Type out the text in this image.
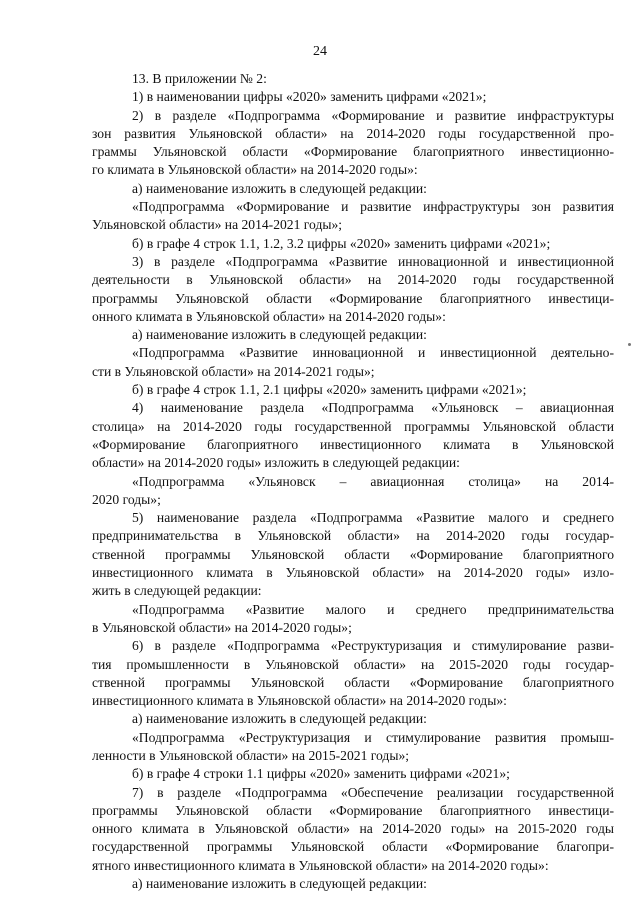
24
13. В приложении № 2:
1) в наименовании цифры «2020» заменить цифрами «2021»;
2) в разделе «Подпрограмма «Формирование и развитие инфраструктуры
зон развития Ульяновской области» на 2014-2020 годы государственной про-
граммы Ульяновской области «Формирование благоприятного инвестиционно-
го климата в Ульяновской области» на 2014-2020 годы»:
а) наименование изложить в следующей редакции:
«Подпрограмма «Формирование и развитие инфраструктуры зон развития
Ульяновской области» на 2014-2021 годы»;
б) в графе 4 строк 1.1, 1.2, 3.2 цифры «2020» заменить цифрами «2021»;
3) в разделе «Подпрограмма «Развитие инновационной и инвестиционной
деятельности в Ульяновской области» на 2014-2020 годы государственной
программы Ульяновской области «Формирование благоприятного инвестици-
онного климата в Ульяновской области» на 2014-2020 годы»:
а) наименование изложить в следующей редакции:
«Подпрограмма «Развитие инновационной и инвестиционной деятельно-
сти в Ульяновской области» на 2014-2021 годы»;
б) в графе 4 строк 1.1, 2.1 цифры «2020» заменить цифрами «2021»;
4) наименование раздела «Подпрограмма «Ульяновск – авиационная
столица» на 2014-2020 годы государственной программы Ульяновской области
«Формирование благоприятного инвестиционного климата в Ульяновской
области» на 2014-2020 годы» изложить в следующей редакции:
«Подпрограмма «Ульяновск – авиационная столица» на 2014-
2020 годы»;
5) наименование раздела «Подпрограмма «Развитие малого и среднего
предпринимательства в Ульяновской области» на 2014-2020 годы государ-
ственной программы Ульяновской области «Формирование благоприятного
инвестиционного климата в Ульяновской области» на 2014-2020 годы» изло-
жить в следующей редакции:
«Подпрограмма «Развитие малого и среднего предпринимательства
в Ульяновской области» на 2014-2020 годы»;
6) в разделе «Подпрограмма «Реструктуризация и стимулирование разви-
тия промышленности в Ульяновской области» на 2015-2020 годы государ-
ственной программы Ульяновской области «Формирование благоприятного
инвестиционного климата в Ульяновской области» на 2014-2020 годы»:
а) наименование изложить в следующей редакции:
«Подпрограмма «Реструктуризация и стимулирование развития промыш-
ленности в Ульяновской области» на 2015-2021 годы»;
б) в графе 4 строки 1.1 цифры «2020» заменить цифрами «2021»;
7) в разделе «Подпрограмма «Обеспечение реализации государственной
программы Ульяновской области «Формирование благоприятного инвестици-
онного климата в Ульяновской области» на 2014-2020 годы» на 2015-2020 годы
государственной программы Ульяновской области «Формирование благопри-
ятного инвестиционного климата в Ульяновской области» на 2014-2020 годы»:
а) наименование изложить в следующей редакции:
